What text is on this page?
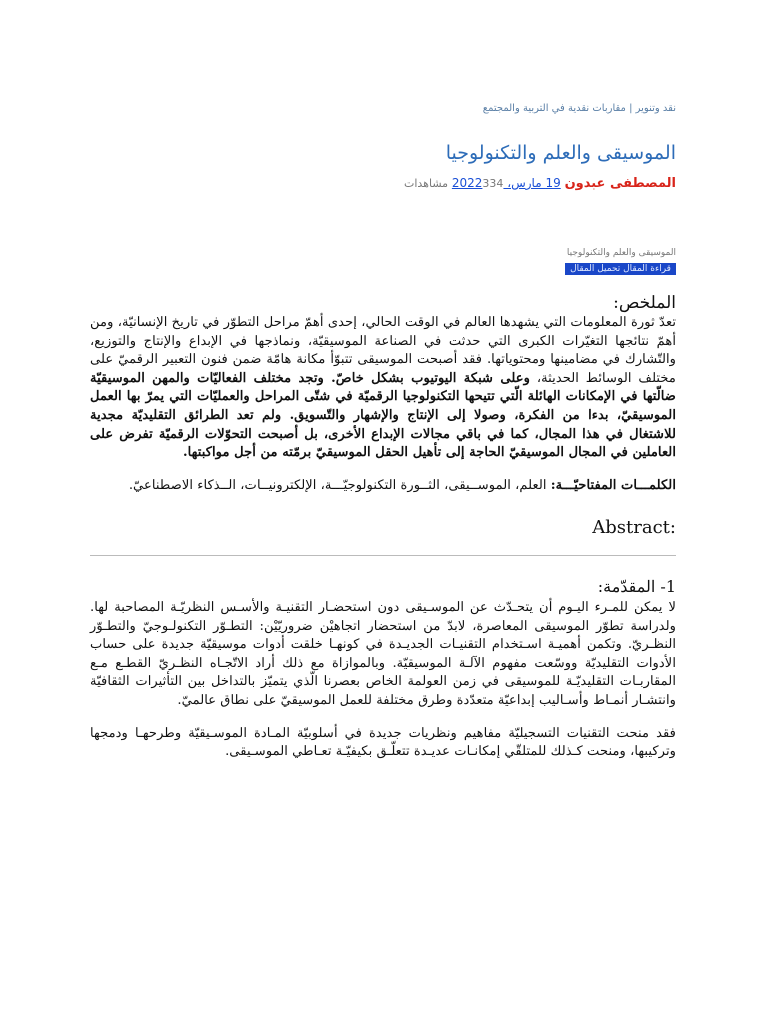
نقد وتنوير | مقاربات نقدية في التربية والمجتمع
الموسيقى والعلم والتكنولوجيا
المصطفى عبدون 19 مارس، 2022334 مشاهدات
الموسيقى والعلم والتكنولوجيا
قراءة المقال تحميل المقال

الملخص:

تعدّ ثورة المعلومات التي يشهدها العالم في الوقت الحالي، إحدى أهمّ مراحل التطوّر في تاريخ الإنسانيّة، ومن أهمّ نتائجها التغيّرات الكبرى التي حدثت في الصناعة الموسيقيّة، ونماذجها في الإبداع والإنتاج والتوزيع، والتّشارك في مضامينها ومحتوياتها. فقد أصبحت الموسيقى تتبوّأ مكانة هامّة ضمن فنون التعبير الرقميّ على مختلف الوسائط الحديثة، وعلى شبكة اليوتيوب بشكل خاصّ. وتجد مختلف الفعاليّات والمهن الموسيقيّة ضالّتها في الإمكانات الهائلة الّتي تتيحها التكنولوجيا الرقميّة في شتّى المراحل والعمليّات التي يمرّ بها العمل الموسيقيّ، بدءا من الفكرة، وصولا إلى الإنتاج والإشهار والتّسويق. ولم تعد الطرائق التقليديّة مجدية للاشتغال في هذا المجال، كما في باقي مجالات الإبداع الأخرى، بل أصبحت التحوّلات الرقميّة تفرض على العاملين في المجال الموسيقيّ الحاجة إلى تأهيل الحقل الموسيقيّ برمّته من أجل مواكبتها.

الكلمـــات المفتاحيّـــة: العلم، الموســيقى، الثــورة التكنولوجيّـــة، الإلكترونيــات، الــذكاء الاصطناعيّ.

:Abstract

1- المقدّمة:

لا يمكن للمـرء اليـوم أن يتحـدّث عن الموسـيقى دون استحضـار التقنيـة والأسـس النظريّـة المصاحبة لها. ولدراسة تطوّر الموسيقى المعاصرة، لابدّ من استحضار اتجاهيْن ضروريّيْن: التطـوّر التكنولـوجيّ والتطـوّر النظـريّ. وتكمن أهميـة اسـتخدام التقنيـات الجديـدة في كونهـا خلقت أدوات موسيقيّة جديدة على حساب الأدوات التقليديّة ووسّعت مفهوم الآلـة الموسيقيّة. وبالموازاة مع ذلك أراد الاتّجـاه النظـريّ القطـع مـع المقاربـات التقليديّـة للموسيقى في زمن العولمة الخاص بعصرنا الّذي يتميّز بالتداخل بين التأثيرات الثقافيّة وانتشـار أنمـاط وأسـاليب إبداعيّة متعدّدة وطرق مختلفة للعمل الموسيقيّ على نطاق عالميّ.

فقد منحت التقنيات التسجيليّة مفاهيم ونظريات جديدة في أسلوبيّة المـادة الموسـيقيّة وطرحهـا ودمجها وتركيبها، ومنحت كـذلك للمتلقّي إمكانـات عديـدة تتعلّـق بكيفيّـة تعـاطي الموسـيقى.
